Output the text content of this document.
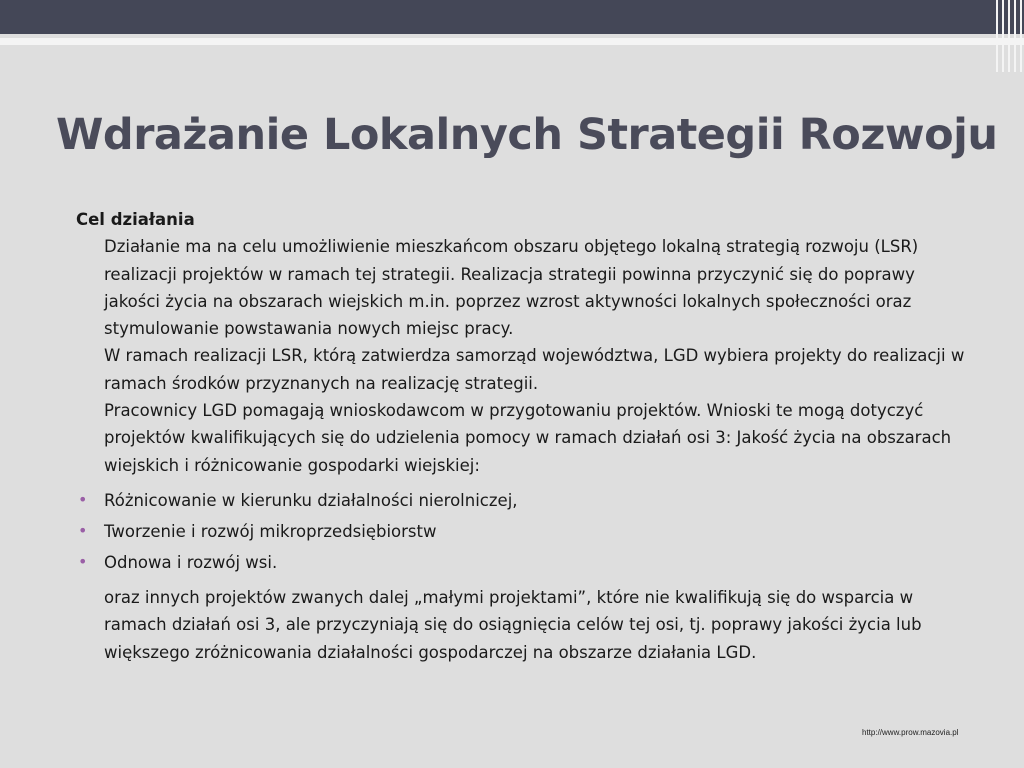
Wdrażanie Lokalnych Strategii Rozwoju
Cel działania

Działanie ma na celu umożliwienie mieszkańcom obszaru objętego lokalną strategią rozwoju (LSR) realizacji projektów w ramach tej strategii. Realizacja strategii powinna przyczynić się do poprawy jakości życia na obszarach wiejskich m.in. poprzez wzrost aktywności lokalnych społeczności oraz stymulowanie powstawania nowych miejsc pracy.

W ramach realizacji LSR, którą zatwierdza samorząd województwa, LGD wybiera projekty do realizacji w ramach środków przyznanych na realizację strategii.

Pracownicy LGD pomagają wnioskodawcom w przygotowaniu projektów. Wnioski te mogą dotyczyć projektów kwalifikujących się do udzielenia pomocy w ramach działań osi 3: Jakość życia na obszarach wiejskich i różnicowanie gospodarki wiejskiej:

• Różnicowanie w kierunku działalności nierolniczej,
• Tworzenie i rozwój mikroprzedsiębiorstw
• Odnowa i rozwój wsi.

oraz innych projektów zwanych dalej „małymi projektami”, które nie kwalifikują się do wsparcia w ramach działań osi 3, ale przyczyniają się do osiągnięcia celów tej osi, tj. poprawy jakości życia lub większego zróżnicowania działalności gospodarczej na obszarze działania LGD.

http://www.prow.mazovia.pl
